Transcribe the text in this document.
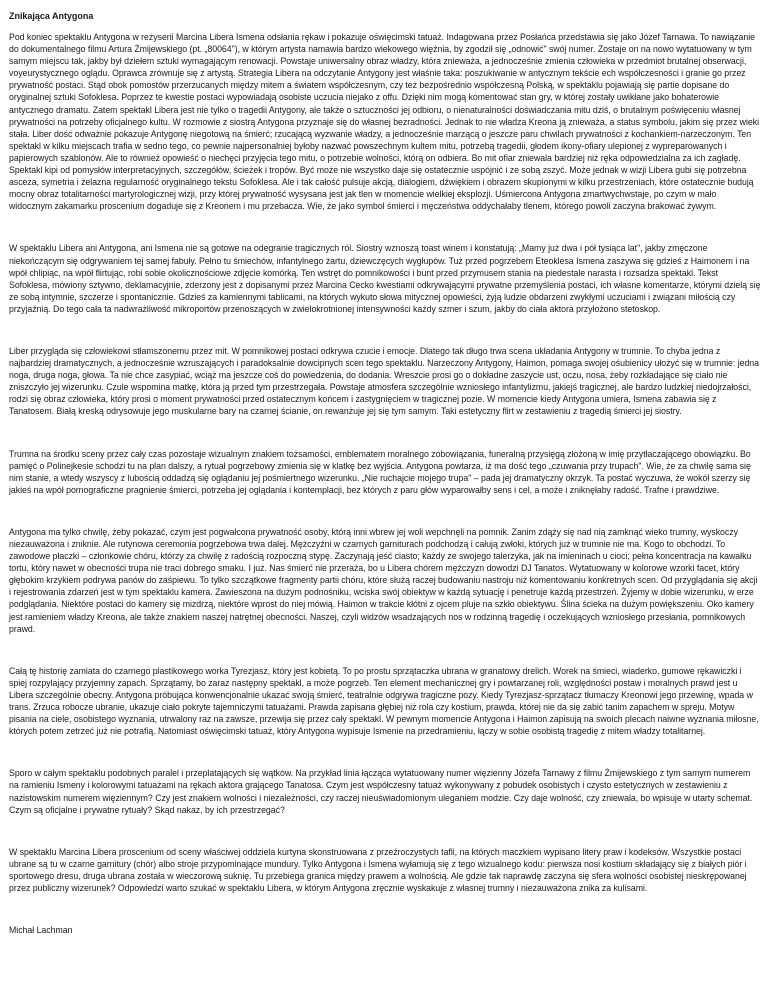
Znikająca Antygona

Pod koniec spektaklu Antygona w reżyserii Marcina Libera Ismena odsłania rękaw i pokazuje oświęcimski tatuaż. Indagowana przez Posłańca przedstawia się jako Józef Tarnawa. To nawiązanie do dokumentalnego filmu Artura Żmijewskiego (pt. „80064"), w którym artysta namawia bardzo wiekowego więźnia, by zgodził się „odnowić" swój numer. Zostaje on na nowo wytatuowany w tym samym miejscu tak, jakby był dziełem sztuki wymagającym renowacji. Powstaje uniwersalny obraz władzy, która znieważa, a jednocześnie zmienia człowieka w przedmiot brutalnej obserwacji, voyeurystycznego oglądu. Oprawca zrównuje się z artystą. Strategia Libera na odczytanie Antygony jest właśnie taka: poszukiwanie w antycznym tekście ech współczesności i granie go przez prywatność postaci. Stąd obok pomostów przerzucanych między mitem a światem współczesnym, czy też bezpośrednio współczesną Polską, w spektaklu pojawiają się partie dopisane do oryginalnej sztuki Sofoklesa. Poprzez te kwestie postaci wypowiadają osobiste uczucia niejako z offu. Dzięki nim mogą komentować stan gry, w której zostały uwikłane jako bohaterowie antycznego dramatu. Zatem spektakl Libera jest nie tylko o tragedii Antygony, ale także o sztuczności jej odbioru, o nienaturalności doświadczania mitu dziś, o brutalnym poświęceniu własnej prywatności na potrzeby oficjalnego kultu. W rozmowie z siostrą Antygona przyznaje się do własnej bezradności. Jednak to nie władza Kreona ją znieważa, a status symbolu, jakim się przez wieki stała. Liber dość odważnie pokazuje Antygonę niegotową na śmierć; rzucającą wyzwanie władzy, a jednocześnie marzącą o jeszcze paru chwilach prywatności z kochankiem-narzeczonym. Ten spektakl w kilku miejscach trafia w sedno tego, co pewnie najpersonalniej byłoby nazwać powszechnym kultem mitu, potrzebą tragedii, głodem ikony-ofiary ulepionej z wypreparowanych i papierowych szablonów. Ale to również opowieść o niechęci przyjęcia tego mitu, o potrzebie wolności, którą on odbiera. Bo mit ofiar zniewala bardziej niż ręka odpowiedzialna za ich zagładę. Spektakl kipi od pomysłów interpretacyjnych, szczegółów, ścieżek i tropów. Być może nie wszystko daje się ostatecznie uspójnić i ze sobą zszyć. Może jednak w wizji Libera gubi się potrzebna asceza, symetria i żelazna regularność oryginalnego tekstu Sofoklesa. Ale i tak całość pulsuje akcją, dialogiem, dźwiękiem i obrazem skupionymi w kilku przestrzeniach, które ostatecznie budują mocny obraz totalitarności martyrologicznej wizji, przy której prywatność wysysana jest jak tlen w momencie wielkiej eksplozji. Uśmiercona Antygona zmartwychwstaje, po czym w mało widocznym zakamarku proscenium dogaduje się z Kreonem i mu przebacza. Wie, że jako symbol śmierci i męczeństwa oddychałaby tlenem, którego powoli zaczyna brakować żywym.

W spektaklu Libera ani Antygona, ani Ismena nie są gotowe na odegranie tragicznych ról. Siostry wznoszą toast winem i konstatują: „Mamy już dwa i pół tysiąca lat", jakby zmęczone niekończącym się odgrywaniem tej samej fabuły. Pełno tu śmiechów, infantylnego żartu, dziewczęcych wygłupów. Tuż przed pogrzebem Eteoklesa Ismena zaszywa się gdzieś z Haimonem i na wpół chlipiąc, na wpół flirtując, robi sobie okolicznościowe zdjęcie komórką. Ten wstręt do pomnikowości i bunt przed przymusem stania na piedestale narasta i rozsadza spektakl. Tekst Sofoklesa, mówiony sztywno, deklamacyjnie, zderzony jest z dopisanymi przez Marcina Cecko kwestiami odkrywającymi prywatne przemyślenia postaci, ich własne komentarze, którymi dzielą się ze sobą intymnie, szczerze i spontanicznie. Gdzieś za kamiennymi tablicami, na których wykuto słowa mitycznej opowieści, żyją ludzie obdarzeni zwykłymi uczuciami i związani miłością czy przyjaźnią. Do tego cała ta nadwrażliwość mikroportów przenoszących w zwielokrotnionej intensywności każdy szmer i szum, jakby do ciała aktora przyłożono stetoskop.

Liber przygląda się człowiekowi stłamszonemu przez mit. W pomnikowej postaci odkrywa czucie i emocje. Dlatego tak długo trwa scena układania Antygony w trumnie. To chyba jedna z najbardziej dramatycznych, a jednocześnie wzruszających i paradoksalnie dowcipnych scen tego spektaklu. Narzeczony Antygony, Haimon, pomaga swojej ośubienicy ułożyć się w trumnie: jedna noga, druga noga, głowa. Ta nie chce zasypiać, wciąż ma jeszcze coś do powiedzenia, do dodania. Wreszcie prosi go o dokładne zaszycie ust, oczu, nosa, żeby rozkładające się ciało nie zniszczyło jej wizerunku. Czule wspomina matkę, która ją przed tym przestrzegała. Powstaje atmosfera szczególnie wzniosłego infantylizmu, jakiejś tragicznej, ale bardzo ludzkiej niedojrzałości, rodzi się obraz człowieka, który prosi o moment prywatności przed ostatecznym końcem i zastygnięciem w tragicznej pozie. W momencie kiedy Antygona umiera, Ismena zabawia się z Tanatosem. Białą kreską odrysowuje jego muskularne bary na czarnej ścianie, on rewanżuje jej się tym samym. Taki estetyczny flirt w zestawieniu z tragedią śmierci jej siostry.

Trumna na środku sceny przez cały czas pozostaje wizualnym znakiem tożsamości, emblematem moralnego zobowiązania, funeralną przysięgą złożoną w imię przytłaczającego obowiązku. Bo pamięć o Polinejkesie schodzi tu na plan dalszy, a rytuał pogrzebowy zmienia się w klatkę bez wyjścia. Antygona powtarza, iż ma dość tego „czuwania przy trupach". Wie, że za chwilę sama się nim stanie, a wtedy wszyscy z lubością oddadzą się oglądaniu jej pośmiertnego wizerunku. „Nie ruchajcie mojego trupa" – pada jej dramatyczny okrzyk. Ta postać wyczuwa, że wokół szerzy się jakieś na wpół pornograficzne pragnienie śmierci, potrzeba jej oglądania i kontemplacji, bez których z paru głów wyparowałby sens i cel, a może i zniknęłaby radość. Trafne i prawdziwe.

Antygona ma tylko chwilę, żeby pokazać, czym jest pogwałcona prywatność osoby, którą inni wbrew jej woli wepchnęli na pomnik. Zanim zdąży się nad nią zamknąć wieko trumny, wyskoczy niezauważona i zniknie. Ale rutynowa ceremonia pogrzebowa trwa dalej. Mężczyźni w czarnych garniturach podchodzą i całują zwłoki, których już w trumnie nie ma. Kogo to obchodzi. To zawodowe płaczki – członkowie chóru, którzy za chwilę z radością rozpoczną stypę. Zaczynają jeść ciasto; każdy ze swojego talerzyka, jak na imieninach u cioci; pełna koncentracja na kawałku tortu, który nawet w obecności trupa nie traci dobrego smaku. I już. Nas śmierć nie przeraża, bo u Libera chórem mężczyzn dowodzi DJ Tanatos. Wytatuowany w kolorowe wzorki facet, który głębokim krzykiem podrywa panów do zaśpiewu. To tylko szczątkowe fragmenty partii chóru, które służą raczej budowaniu nastroju niż komentowaniu konkretnych scen. Od przyglądania się akcji i rejestrowania zdarzeń jest w tym spektaklu kamera. Zawieszona na dużym podnośniku, wciska swój obiektyw w każdą sytuację i penetruje każdą przestrzeń. Żyjemy w dobie wizerunku, w erze podglądania. Niektóre postaci do kamery się mizdrzą, niektóre wprost do niej mówią. Haimon w trakcie kłótni z ojcem pluje na szkło obiektywu. Ślina ścieka na dużym powiększeniu. Oko kamery jest ramieniem władzy Kreona, ale także znakiem naszej natrętnej obecności. Naszej, czyli widzów wsadzających nos w rodzinną tragedię i oczekujących wzniosłego przesłania, pomnikowych prawd.

Całą tę historię zamiata do czarnego plastikowego worka Tyrezjasz, który jest kobietą. To po prostu sprzątaczka ubrana w granatowy drelich. Worek na śmieci, wiaderko, gumowe rękawiczki i spiej rozpylający przyjemny zapach. Sprzątamy, bo zaraz następny spektakl, a może pogrzeb. Ten element mechanicznej gry i powtarzanej roli, względności postaw i moralnych prawd jest u Libera szczególnie obecny. Antygona próbująca konwencjonalnie ukazać swoją śmierć, teatralnie odgrywa tragiczne pozy. Kiedy Tyrezjasz-sprzątacz tłumaczy Kreonowi jego przewinę, wpada w trans. Zrzuca robocze ubranie, ukazuje ciało pokryte tajemniczymi tatuażami. Prawda zapisana głębiej niż rola czy kostium, prawda, której nie da się zabić tanim zapachem w spreju. Motyw pisania na ciele, osobistego wyznania, utrwalony raz na zawsze, przewija się przez cały spektakl. W pewnym momencie Antygona i Haimon zapisują na swoich plecach naiwne wyznania miłosne, których potem zetrzeć już nie potrafią. Natomiast oświęcimski tatuaż, który Antygona wypisuje Ismenie na przedramieniu, łączy w sobie osobistą tragedię z mitem władzy totalitarnej.

Sporo w całym spektaklu podobnych paralel i przeplatających się wątków. Na przykład linia łącząca wytatuowany numer więzienny Józefa Tarnawy z filmu Żmijewskiego z tym samym numerem na ramieniu Ismeny i kolorowymi tatuażami na rękach aktora grającego Tanatosa. Czym jest współczesny tatuaż wykonywany z pobudek osobistych i czysto estetycznych w zestawieniu z nazistowskim numerem więziennym? Czy jest znakiem wolności i niezależności, czy raczej nieuświadomionym uleganiem modzie. Czy daje wolność, czy zniewala, bo wpisuje w utarty schemat. Czym są oficjalne i prywatne rytuały? Skąd nakaz, by ich przestrzegać?

W spektaklu Marcina Libera proscenium od sceny właściwej oddziela kurtyna skonstruowana z przeźroczystych tafli, na których maczkiem wypisano litery praw i kodeksów. Wszystkie postaci ubrane są tu w czarne garnitury (chór) albo stroje przypominające mundury. Tylko Antygona i Ismena wyłamują się z tego wizualnego kodu: pierwsza nosi kostium składający się z białych piór i sportowego dresu, druga ubrana została w wieczorową suknię. Tu przebiega granica między prawem a wolnością. Ale gdzie tak naprawdę zaczyna się sfera wolności osobistej nieskrępowanej przez publiczny wizerunek? Odpowiedzi warto szukać w spektaklu Libera, w którym Antygona zręcznie wyskakuje z własnej trumny i niezauważona znika za kulisami.

Michał Lachman
